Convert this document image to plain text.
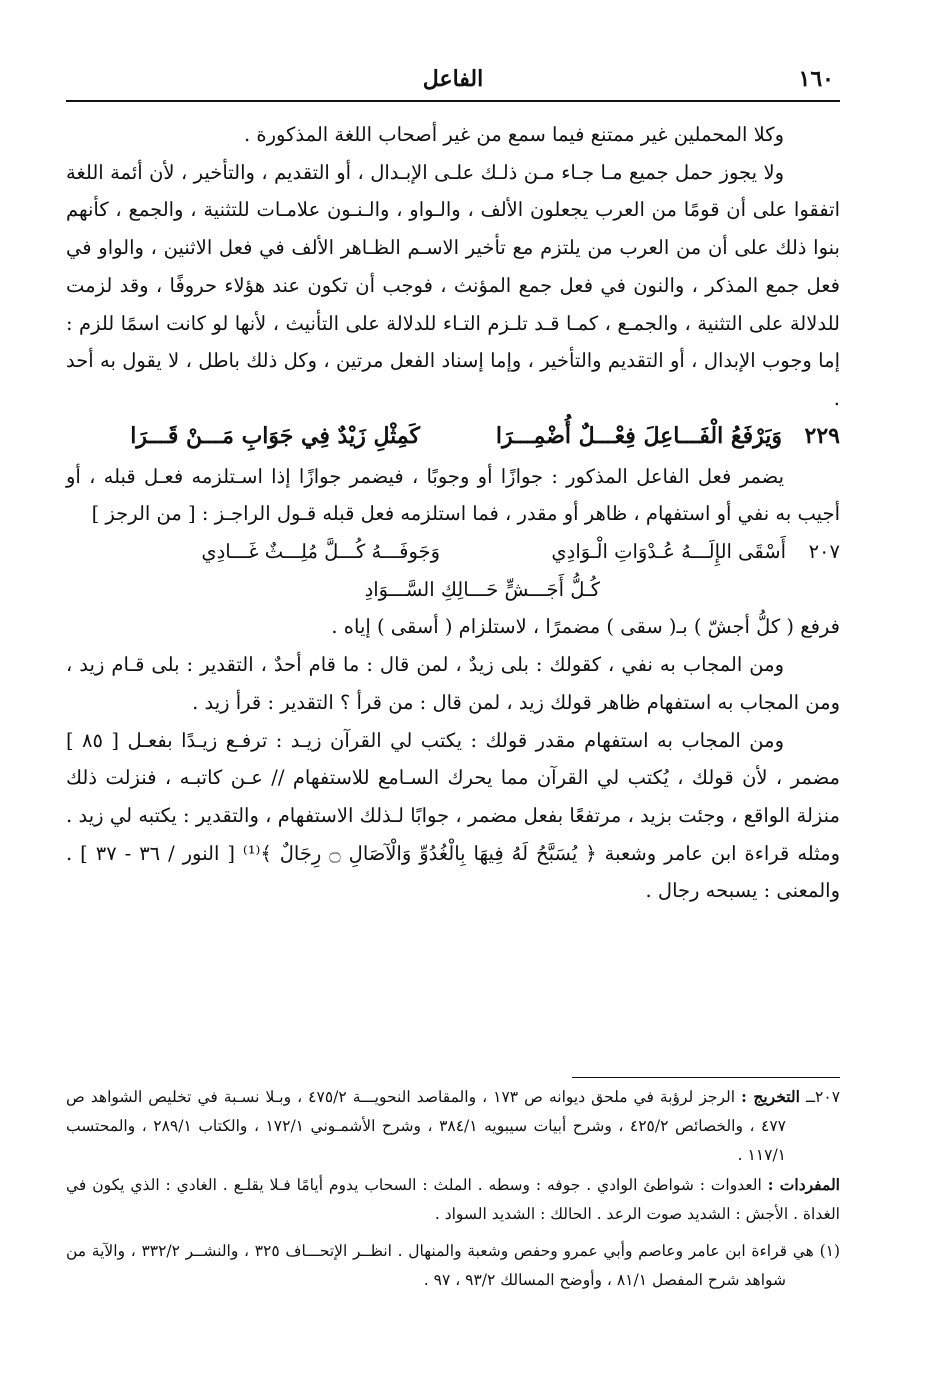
١٦٠
الفاعل

وكلا المحملين غير ممتنع فيما سمع من غير أصحاب اللغة المذكورة .

ولا يجوز حمل جميع مـا جـاء مـن ذلـك علـى الإبـدال ، أو التقديم ، والتأخير ، لأن أئمة اللغة اتفقوا على أن قومًا من العرب يجعلون الألف ، والـواو ، والـنـون علامـات للتثنية ، والجمع ، كأنهم بنوا ذلك على أن من العرب من يلتزم مع تأخير الاسـم الظـاهر الألف في فعل الاثنين ، والواو في فعل جمع المذكر ، والنون في فعل جمع المؤنث ، فوجب أن تكون عند هؤلاء حروفًا ، وقد لزمت للدلالة على التثنية ، والجمـع ، كمـا قـد تلـزم التـاء للدلالة على التأنيث ، لأنها لو كانت اسمًا للزم : إما وجوب الإبدال ، أو التقديم والتأخير ، وإما إسناد الفعل مرتين ، وكل ذلك باطل ، لا يقول به أحد .

٢٢٩
وَيَرْفَعُ الْفَـــاعِلَ فِعْـــلٌ أُضْمِـــرَا
كَمِثْلِ زَيْدٌ فِي جَوَابِ مَـــنْ قَـــرَا

يضمر فعل الفاعل المذكور : جوازًا أو وجوبًا ، فيضمر جوازًا إذا اسـتلزمه فعـل قبله ، أو أجيب به نفي أو استفهام ، ظاهر أو مقدر ، فما استلزمه فعل قبله قـول الراجـز : [ من الرجز ]

٢٠٧
أَسْقَى الإِلَـــهُ عُـدْوَاتِ الْـوَادِي
وَجَوفَـــهُ كُـــلَّ مُلِـــثٌ غَـــادِي
كُـلُّ أَجَـــشٍّ حَـــالِكِ السَّـــوَادِ

فرفع ( كلُّ أجشّ ) بـ( سقى ) مضمرًا ، لاستلزام ( أسقى ) إياه .

ومن المجاب به نفي ، كقولك : بلى زيدٌ ، لمن قال : ما قام أحدٌ ، التقدير : بلى قـام زيد ، ومن المجاب به استفهام ظاهر قولك زيد ، لمن قال : من قرأ ؟ التقدير : قرأ زيد .

ومن المجاب به استفهام مقدر قولك : يكتب لي القرآن زيـد : ترفـع زيـدًا بفعـل [ ٨٥ ] مضمر ، لأن قولك ، يُكتب لي القرآن مما يحرك السـامع للاستفهام // عـن كاتبـه ، فنزلت ذلك منزلة الواقع ، وجئت بزيد ، مرتفعًا بفعل مضمر ، جوابًا لـذلك الاستفهام ، والتقدير : يكتبه لي زيد . ومثله قراءة ابن عامر وشعبة ﴿ يُسَبَّحُ لَهُ فِيهَا بِالْغُدُوِّ وَالْآصَالِ ۝ رِجَالٌ ﴾⁽¹⁾ [ النور / ٣٦ - ٣٧ ] . والمعنى : يسبحه رجال .

٢٠٧ــ التخريج : الرجز لرؤبة في ملحق ديوانه ص ١٧٣ ، والمقاصد النحويـــة ٤٧٥/٢ ، وبـلا نسـبة في تخليص الشواهد ص ٤٧٧ ، والخصائص ٤٢٥/٢ ، وشرح أبيات سيبويه ٣٨٤/١ ، وشرح الأشمـوني ١٧٢/١ ، والكتاب ٢٨٩/١ ، والمحتسب ١١٧/١ .

المفردات : العدوات : شواطئ الوادي . جوفه : وسطه . الملث : السحاب يدوم أيامًا فـلا يقلـع . الغادي : الذي يكون في الغداة . الأجش : الشديد صوت الرعد . الحالك : الشديد السواد .

(١) هي قراءة ابن عامر وعاصم وأبي عمرو وحفص وشعبة والمنهال . انظــر الإتحـــاف ٣٢٥ ، والنشــر ٣٣٢/٢ ، والآية من شواهد شرح المفصل ٨١/١ ، وأوضح المسالك ٩٣/٢ ، ٩٧ .
